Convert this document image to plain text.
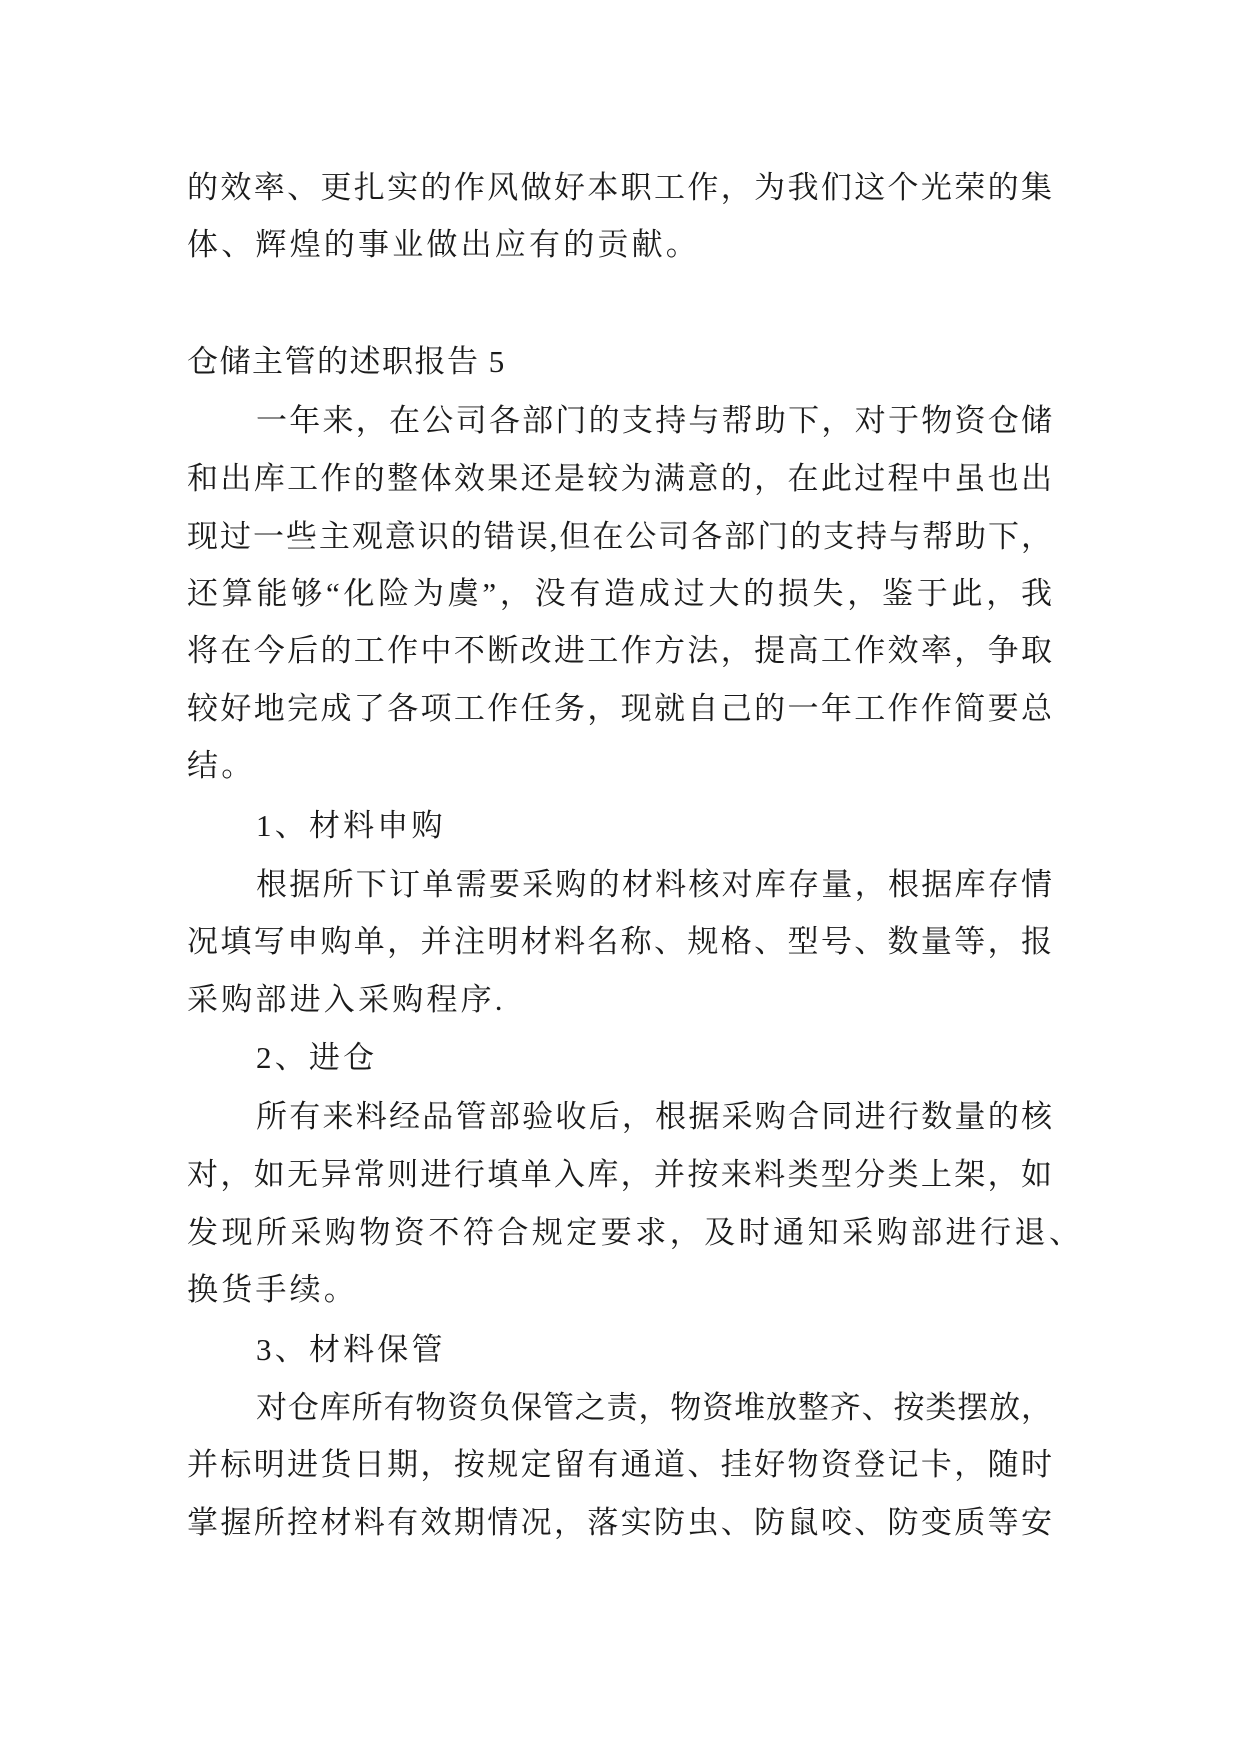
的效率、更扎实的作风做好本职工作，为我们这个光荣的集
体、辉煌的事业做出应有的贡献。
仓储主管的述职报告 5
一年来，在公司各部门的支持与帮助下，对于物资仓储
和出库工作的整体效果还是较为满意的，在此过程中虽也出
现过一些主观意识的错误,但在公司各部门的支持与帮助下，
还算能够“化险为虞”，没有造成过大的损失，鉴于此，我
将在今后的工作中不断改进工作方法，提高工作效率，争取
较好地完成了各项工作任务，现就自己的一年工作作简要总
结。
1、材料申购
根据所下订单需要采购的材料核对库存量，根据库存情
况填写申购单，并注明材料名称、规格、型号、数量等，报
采购部进入采购程序.
2、进仓
所有来料经品管部验收后，根据采购合同进行数量的核
对，如无异常则进行填单入库，并按来料类型分类上架，如
发现所采购物资不符合规定要求，及时通知采购部进行退、
换货手续。
3、材料保管
对仓库所有物资负保管之责，物资堆放整齐、按类摆放，
并标明进货日期，按规定留有通道、挂好物资登记卡，随时
掌握所控材料有效期情况，落实防虫、防鼠咬、防变质等安
